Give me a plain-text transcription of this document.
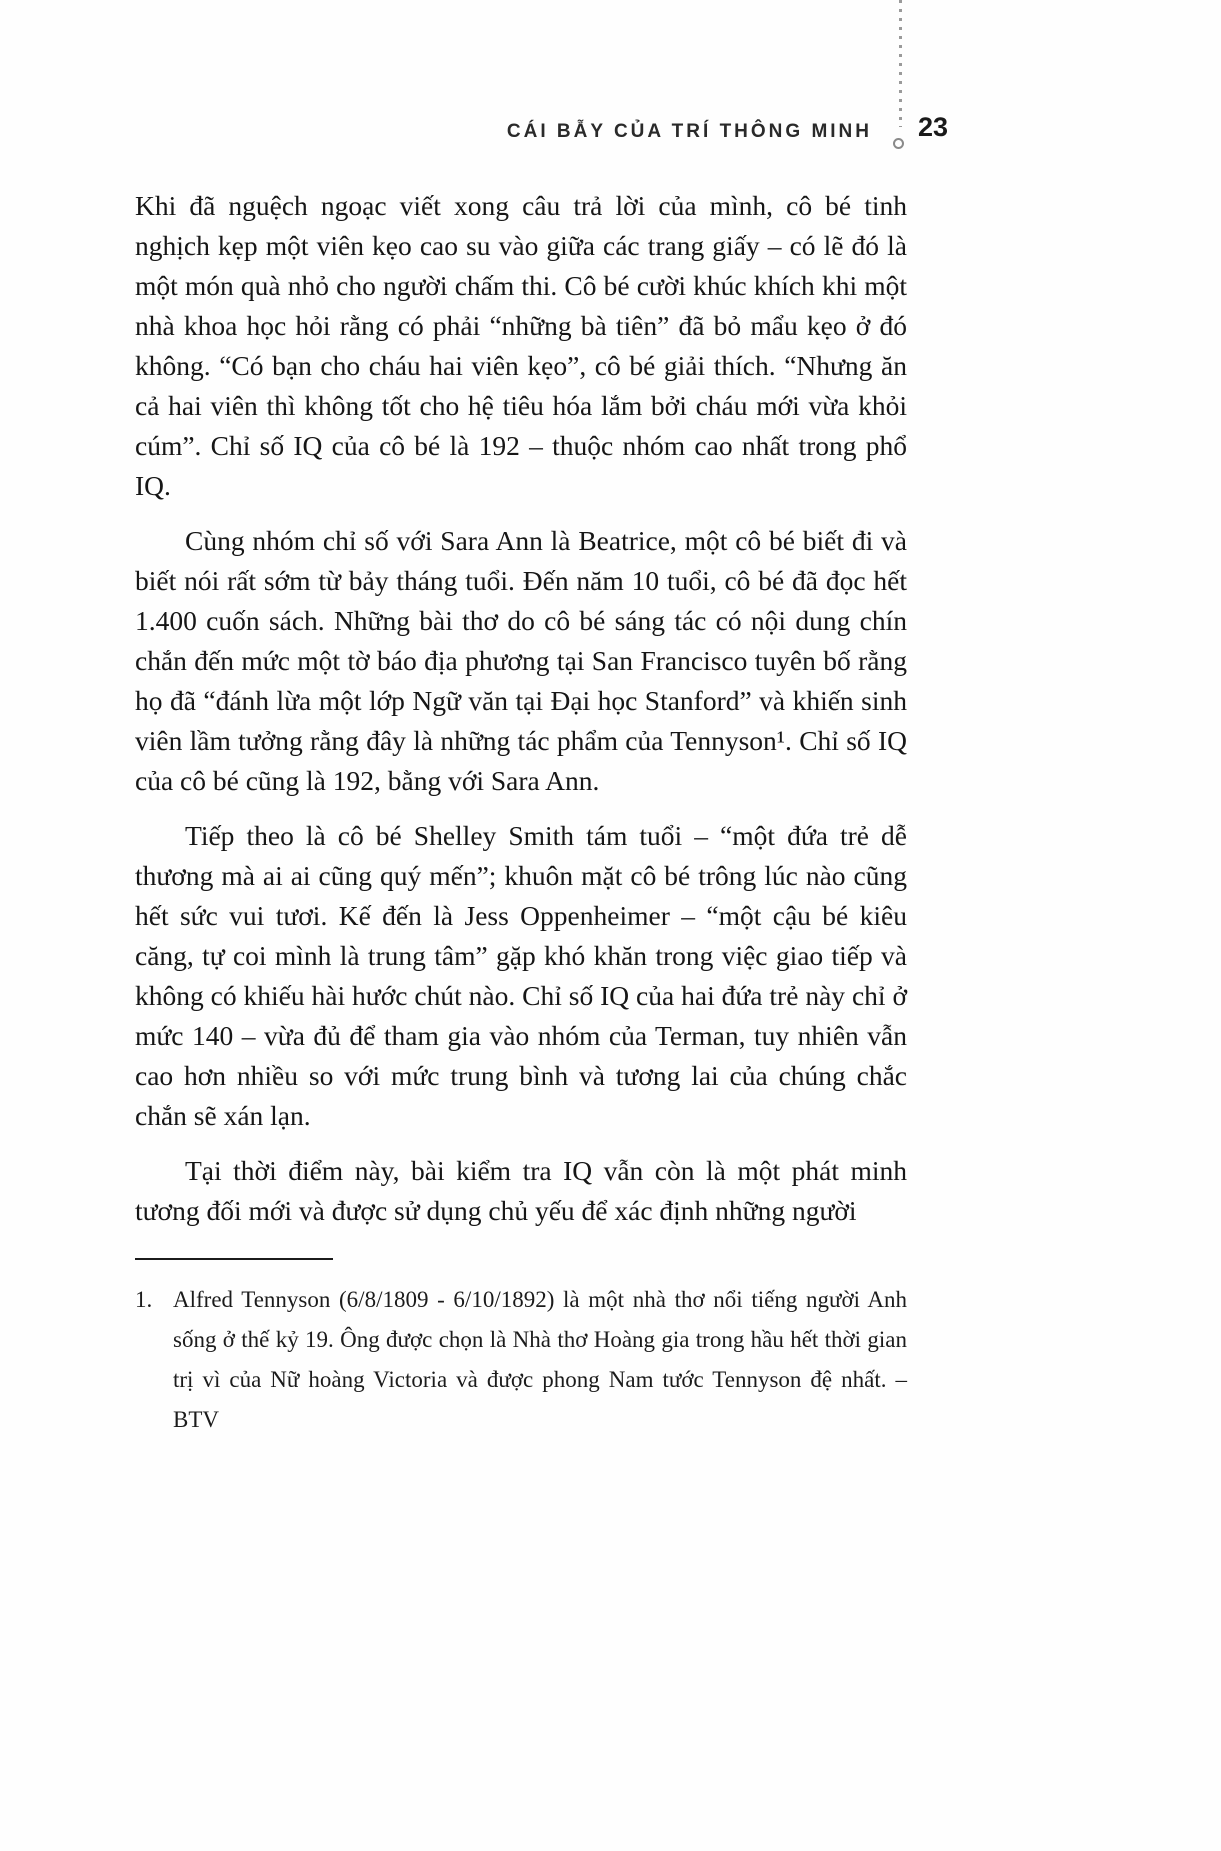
CÁI BẪY CỦA TRÍ THÔNG MINH 23

Khi đã nguệch ngoạc viết xong câu trả lời của mình, cô bé tinh nghịch kẹp một viên kẹo cao su vào giữa các trang giấy – có lẽ đó là một món quà nhỏ cho người chấm thi. Cô bé cười khúc khích khi một nhà khoa học hỏi rằng có phải “những bà tiên” đã bỏ mẩu kẹo ở đó không. “Có bạn cho cháu hai viên kẹo”, cô bé giải thích. “Nhưng ăn cả hai viên thì không tốt cho hệ tiêu hóa lắm bởi cháu mới vừa khỏi cúm”. Chỉ số IQ của cô bé là 192 – thuộc nhóm cao nhất trong phổ IQ.

Cùng nhóm chỉ số với Sara Ann là Beatrice, một cô bé biết đi và biết nói rất sớm từ bảy tháng tuổi. Đến năm 10 tuổi, cô bé đã đọc hết 1.400 cuốn sách. Những bài thơ do cô bé sáng tác có nội dung chín chắn đến mức một tờ báo địa phương tại San Francisco tuyên bố rằng họ đã “đánh lừa một lớp Ngữ văn tại Đại học Stanford” và khiến sinh viên lầm tưởng rằng đây là những tác phẩm của Tennyson¹. Chỉ số IQ của cô bé cũng là 192, bằng với Sara Ann.

Tiếp theo là cô bé Shelley Smith tám tuổi – “một đứa trẻ dễ thương mà ai ai cũng quý mến”; khuôn mặt cô bé trông lúc nào cũng hết sức vui tươi. Kế đến là Jess Oppenheimer – “một cậu bé kiêu căng, tự coi mình là trung tâm” gặp khó khăn trong việc giao tiếp và không có khiếu hài hước chút nào. Chỉ số IQ của hai đứa trẻ này chỉ ở mức 140 – vừa đủ để tham gia vào nhóm của Terman, tuy nhiên vẫn cao hơn nhiều so với mức trung bình và tương lai của chúng chắc chắn sẽ xán lạn.

Tại thời điểm này, bài kiểm tra IQ vẫn còn là một phát minh tương đối mới và được sử dụng chủ yếu để xác định những người

1. Alfred Tennyson (6/8/1809 - 6/10/1892) là một nhà thơ nổi tiếng người Anh sống ở thế kỷ 19. Ông được chọn là Nhà thơ Hoàng gia trong hầu hết thời gian trị vì của Nữ hoàng Victoria và được phong Nam tước Tennyson đệ nhất. – BTV
